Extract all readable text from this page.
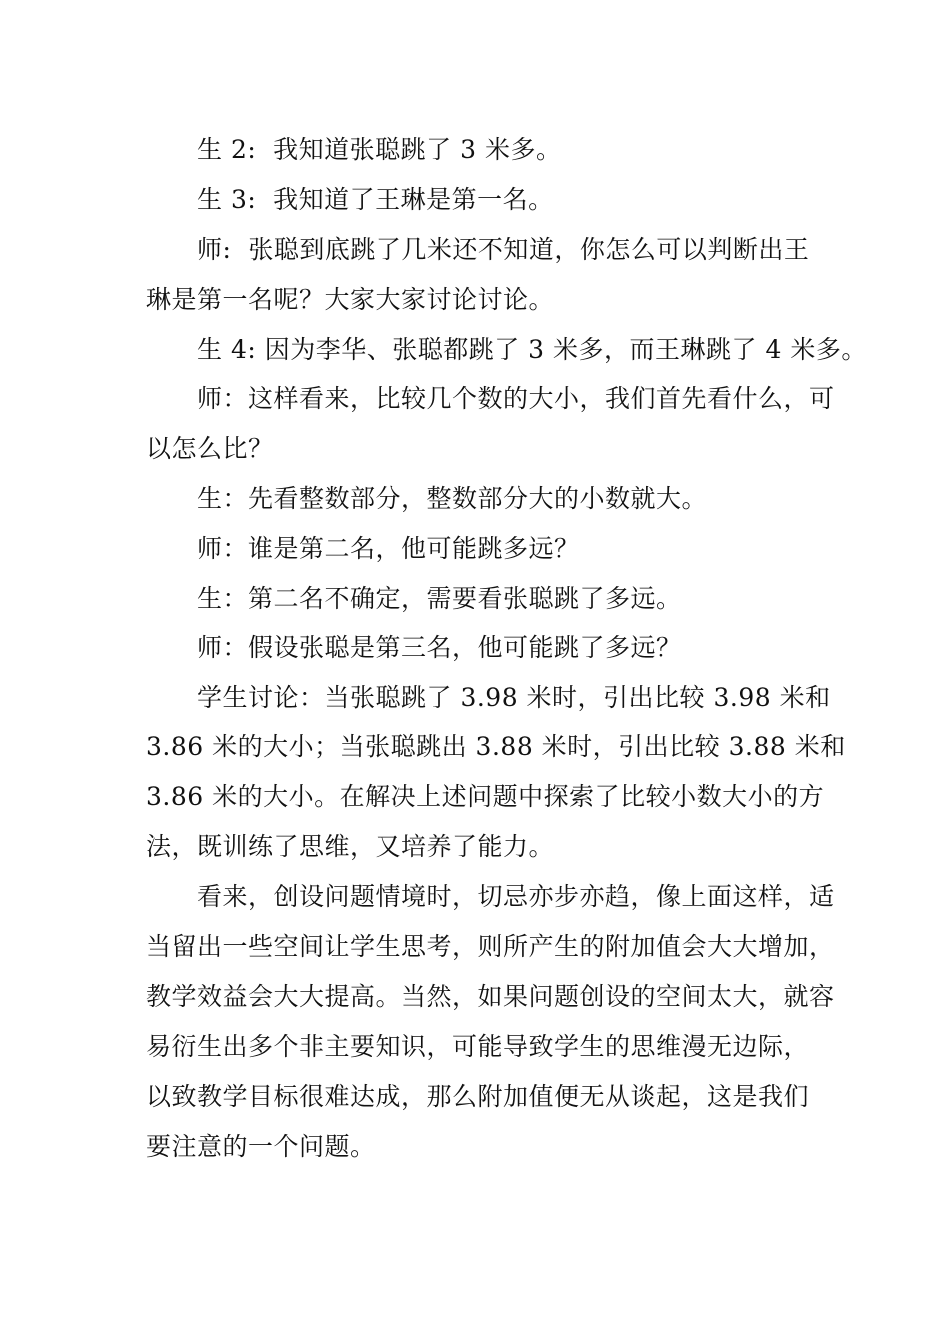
生 2:  我知道张聪跳了 3 米多。
生 3:  我知道了王琳是第一名。
师:  张聪到底跳了几米还不知道，你怎么可以判断出王
琳是第一名呢？大家大家讨论讨论。
生 4: 因为李华、张聪都跳了 3 米多，而王琳跳了 4 米多。
师：这样看来，比较几个数的大小，我们首先看什么，可
以怎么比？
生：先看整数部分，整数部分大的小数就大。
师：谁是第二名，他可能跳多远？
生：第二名不确定，需要看张聪跳了多远。
师：假设张聪是第三名，他可能跳了多远？
学生讨论：当张聪跳了 3.98 米时，引出比较 3.98 米和
3.86 米的大小；当张聪跳出 3.88 米时，引出比较 3.88 米和
3.86 米的大小。在解决上述问题中探索了比较小数大小的方
法，既训练了思维，又培养了能力。
看来，创设问题情境时，切忌亦步亦趋，像上面这样，适
当留出一些空间让学生思考，则所产生的附加值会大大增加，
教学效益会大大提高。当然，如果问题创设的空间太大，就容
易衍生出多个非主要知识，可能导致学生的思维漫无边际，
以致教学目标很难达成，那么附加值便无从谈起，这是我们
要注意的一个问题。
